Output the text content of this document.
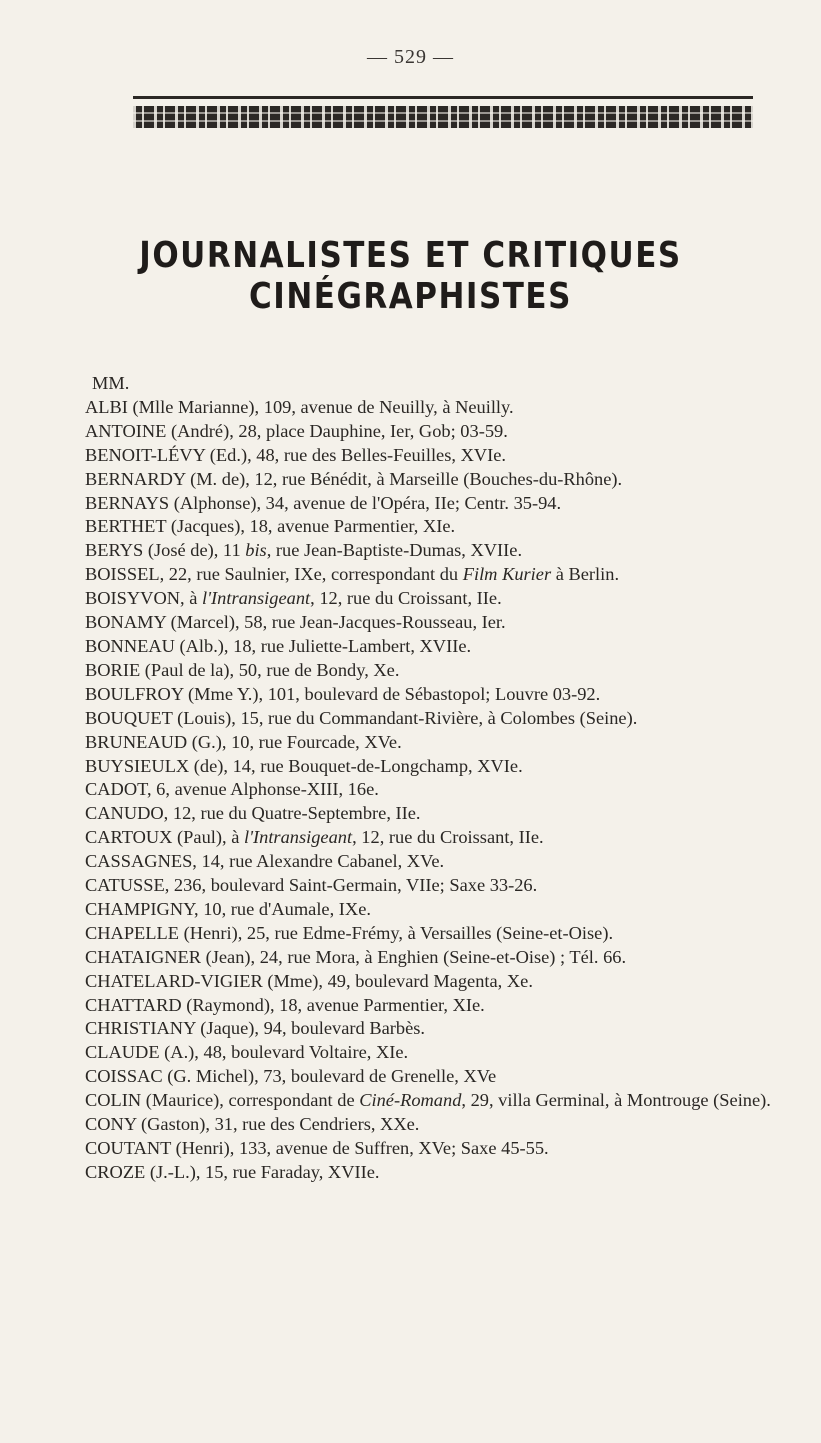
— 529 —
JOURNALISTES ET CRITIQUES CINÉGRAPHISTES
MM.
ALBI (Mlle Marianne), 109, avenue de Neuilly, à Neuilly.
ANTOINE (André), 28, place Dauphine, Ier, Gob; 03-59.
BENOIT-LÉVY (Ed.), 48, rue des Belles-Feuilles, XVIe.
BERNARDY (M. de), 12, rue Bénédit, à Marseille (Bouches-du-Rhône).
BERNAYS (Alphonse), 34, avenue de l'Opéra, IIe; Centr. 35-94.
BERTHET (Jacques), 18, avenue Parmentier, XIe.
BERYS (José de), 11 bis, rue Jean-Baptiste-Dumas, XVIIe.
BOISSEL, 22, rue Saulnier, IXe, correspondant du Film Kurier à Berlin.
BOISYVON, à l'Intransigeant, 12, rue du Croissant, IIe.
BONAMY (Marcel), 58, rue Jean-Jacques-Rousseau, Ier.
BONNEAU (Alb.), 18, rue Juliette-Lambert, XVIIe.
BORIE (Paul de la), 50, rue de Bondy, Xe.
BOULFROY (Mme Y.), 101, boulevard de Sébastopol; Louvre 03-92.
BOUQUET (Louis), 15, rue du Commandant-Rivière, à Colombes (Seine).
BRUNEAUD (G.), 10, rue Fourcade, XVe.
BUYSIEULX (de), 14, rue Bouquet-de-Longchamp, XVIe.
CADOT, 6, avenue Alphonse-XIII, 16e.
CANUDO, 12, rue du Quatre-Septembre, IIe.
CARTOUX (Paul), à l'Intransigeant, 12, rue du Croissant, IIe.
CASSAGNES, 14, rue Alexandre Cabanel, XVe.
CATUSSE, 236, boulevard Saint-Germain, VIIe; Saxe 33-26.
CHAMPIGNY, 10, rue d'Aumale, IXe.
CHAPELLE (Henri), 25, rue Edme-Frémy, à Versailles (Seine-et-Oise).
CHATAIGNER (Jean), 24, rue Mora, à Enghien (Seine-et-Oise) ; Tél. 66.
CHATELARD-VIGIER (Mme), 49, boulevard Magenta, Xe.
CHATTARD (Raymond), 18, avenue Parmentier, XIe.
CHRISTIANY (Jaque), 94, boulevard Barbès.
CLAUDE (A.), 48, boulevard Voltaire, XIe.
COISSAC (G. Michel), 73, boulevard de Grenelle, XVe
COLIN (Maurice), correspondant de Ciné-Romand, 29, villa Germinal, à Montrouge (Seine).
CONY (Gaston), 31, rue des Cendriers, XXe.
COUTANT (Henri), 133, avenue de Suffren, XVe; Saxe 45-55.
CROZE (J.-L.), 15, rue Faraday, XVIIe.
